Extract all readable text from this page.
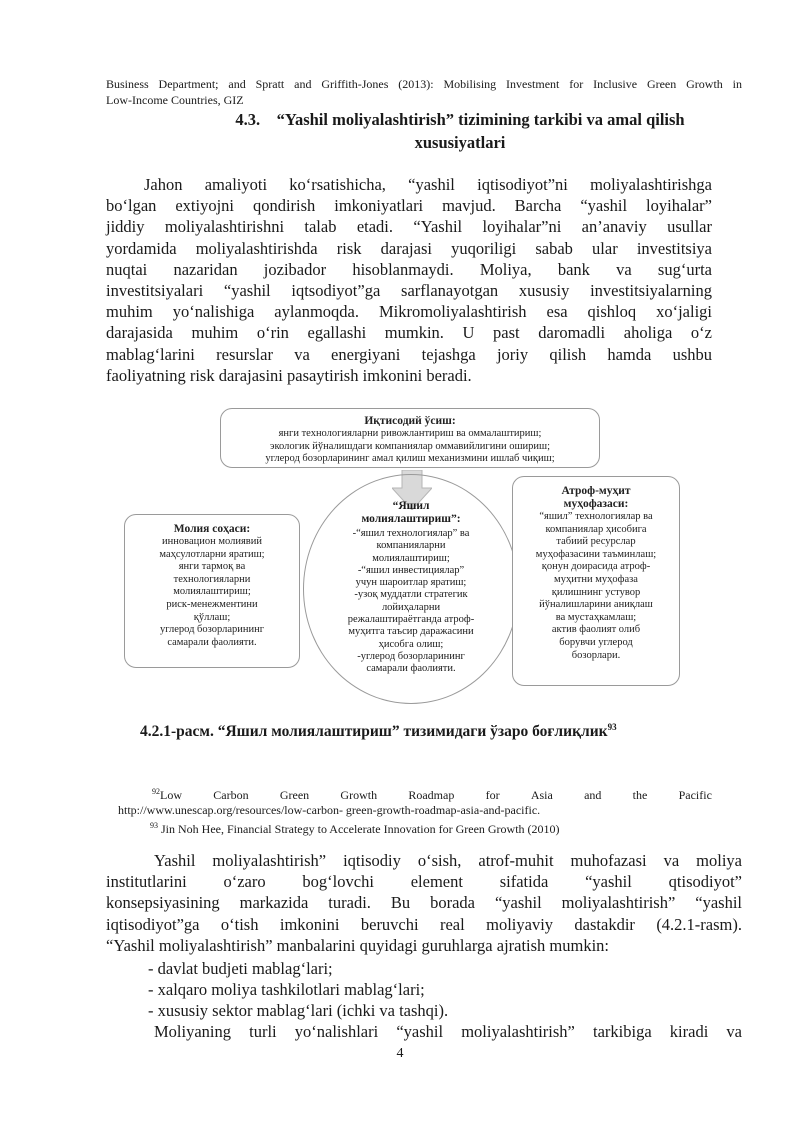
Business Department; and Spratt and Griffith-Jones (2013): Mobilising Investment for Inclusive Green Growth in
Low-Income Countries, GIZ
4.3. “Yashil moliyalashtirish” tizimining tarkibi va amal qilish
xususiyatlari
Jahon amaliyoti ko‘rsatishicha, “yashil iqtisodiyot”ni moliyalashtirishga
bo‘lgan extiyojni qondirish imkoniyatlari mavjud. Barcha “yashil loyihalar”
jiddiy moliyalashtirishni talab etadi. “Yashil loyihalar”ni an’anaviy usullar
yordamida moliyalashtirishda risk darajasi yuqoriligi sabab ular investitsiya
nuqtai nazaridan jozibador hisoblanmaydi. Moliya, bank va sug‘urta
investitsiyalari “yashil iqtsodiyot”ga sarflanayotgan xususiy investitsiyalarning
muhim yo‘nalishiga aylanmoqda. Mikromoliyalashtirish esa qishloq xo‘jaligi
darajasida muhim o‘rin egallashi mumkin. U past daromadli aholiga o‘z
mablag‘larini resurslar va energiyani tejashga joriy qilish hamda ushbu
faoliyatning risk darajasini pasaytirish imkonini beradi.
Иқтисодий ўсиш:
янги технологияларни ривожлантириш ва оммалаштириш;
экологик йўналишдаги компаниялар оммавийлигини ошириш;
углерод бозорларининг амал қилиш механизмини ишлаб чиқиш;
“Яшил
молиялаштириш”:
-“яшил технологиялар” ва
компанияларни
молиялаштириш;
-“яшил инвестициялар”
учун шароитлар яратиш;
-узоқ муддатли стратегик
лойиҳаларни
режалаштираётганда атроф-
муҳитга таъсир даражасини
ҳисобга олиш;
-углерод бозорларининг
самарали фаолияти.
Молия соҳаси:
инновацион молиявий
маҳсулотларни яратиш;
янги тармоқ ва
технологияларни
молиялаштириш;
риск-менежментини
қўллаш;
углерод бозорларининг
самарали фаолияти.
Атроф-муҳит
муҳофазаси:
“яшил” технологиялар ва
компаниялар ҳисобига
табиий ресурслар
муҳофазасини таъминлаш;
қонун доирасида атроф-
муҳитни муҳофаза
қилишнинг устувор
йўналишларини аниқлаш
ва мустаҳкамлаш;
актив фаолият олиб
борувчи углерод
бозорлари.
4.2.1-расм. “Яшил молиялаштириш” тизимидаги ўзаро боғлиқлик$^{93}$
92 Low	Carbon	Green	Growth	Roadmap	for	Asia	and	the	Pacific
http://www.unescap.org/resources/low-carbon- green-growth-roadmap-asia-and-pacific.
$^{93}$ Jin Noh Hee, Financial Strategy to Accelerate Innovation for Green Growth (2010)
Yashil moliyalashtirish” iqtisodiy o‘sish, atrof-muhit muhofazasi va moliya
institutlarini o‘zaro bog‘lovchi element sifatida “yashil qtisodiyot”
konsepsiyasining markazida turadi. Bu borada “yashil moliyalashtirish” “yashil
iqtisodiyot”ga o‘tish imkonini beruvchi real moliyaviy dastakdir (4.2.1-rasm).
“Yashil moliyalashtirish” manbalarini quyidagi guruhlarga ajratish mumkin:
- davlat budjeti mablag‘lari;
- xalqaro moliya tashkilotlari mablag‘lari;
- xususiy sektor mablag‘lari (ichki va tashqi).
Moliyaning turli yo‘nalishlari “yashil moliyalashtirish” tarkibiga kiradi va
4
